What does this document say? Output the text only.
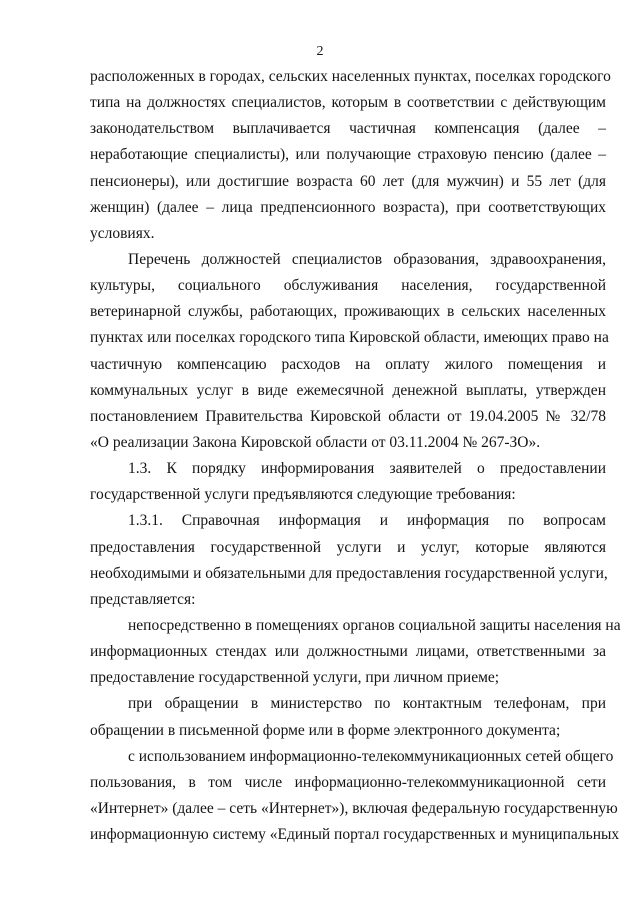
2
расположенных в городах, сельских населенных пунктах, поселках городского
типа на должностях специалистов, которым в соответствии с действующим
законодательством выплачивается частичная компенсация (далее –
неработающие специалисты), или получающие страховую пенсию (далее –
пенсионеры), или достигшие возраста 60 лет (для мужчин) и 55 лет (для
женщин) (далее – лица предпенсионного возраста), при соответствующих
условиях.
Перечень должностей специалистов образования, здравоохранения,
культуры, социального обслуживания населения, государственной
ветеринарной службы, работающих, проживающих в сельских населенных
пунктах или поселках городского типа Кировской области, имеющих право на
частичную компенсацию расходов на оплату жилого помещения и
коммунальных услуг в виде ежемесячной денежной выплаты, утвержден
постановлением Правительства Кировской области от 19.04.2005 № 32/78
«О реализации Закона Кировской области от 03.11.2004 № 267-ЗО».
1.3. К порядку информирования заявителей о предоставлении
государственной услуги предъявляются следующие требования:
1.3.1. Справочная информация и информация по вопросам
предоставления государственной услуги и услуг, которые являются
необходимыми и обязательными для предоставления государственной услуги,
представляется:
непосредственно в помещениях органов социальной защиты населения на
информационных стендах или должностными лицами, ответственными за
предоставление государственной услуги, при личном приеме;
при обращении в министерство по контактным телефонам, при
обращении в письменной форме или в форме электронного документа;
с использованием информационно-телекоммуникационных сетей общего
пользования, в том числе информационно-телекоммуникационной сети
«Интернет» (далее – сеть «Интернет»), включая федеральную государственную
информационную систему «Единый портал государственных и муниципальных
